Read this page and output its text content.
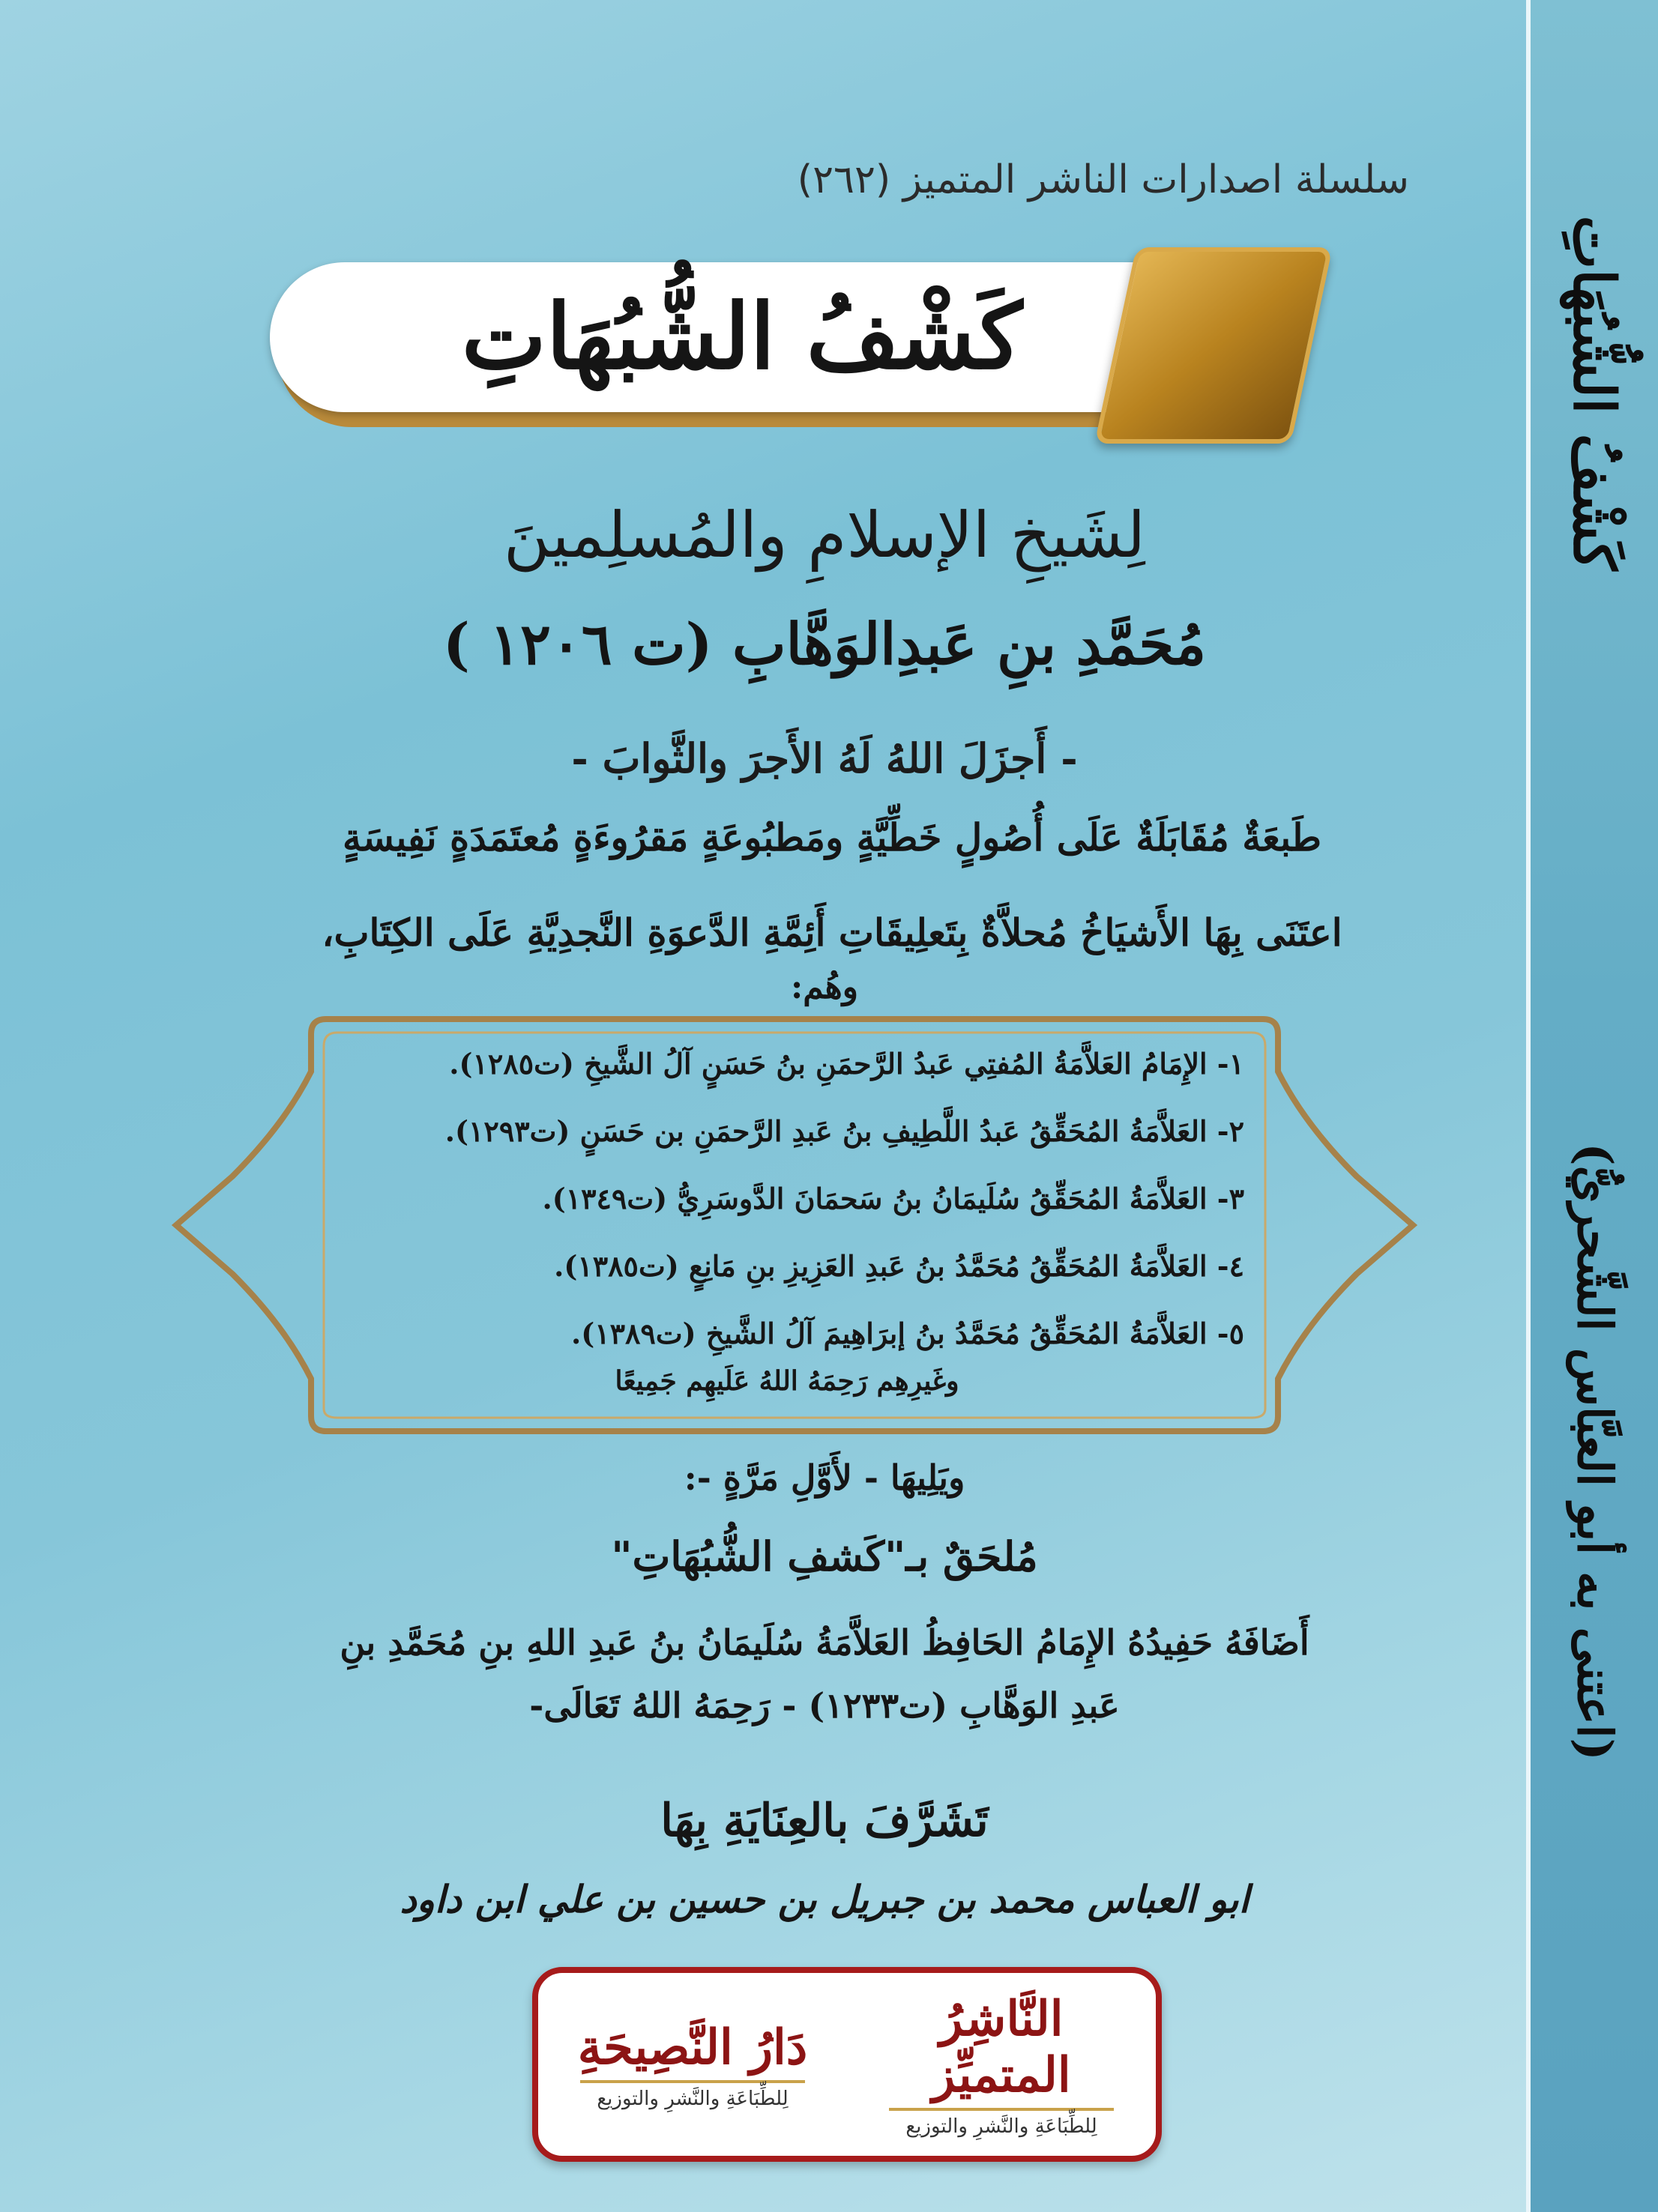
كَشْفُ الشُّبُهَاتِ
(اعتنى به أبو العبَّاس الشَّحريُّ)
سلسلة اصدارات الناشر المتميز (٢٦٢)
كَشْفُ الشُّبُهَاتِ
لِشَيخِ الإسلامِ والمُسلِمينَ
مُحَمَّدِ بنِ عَبدِالوَهَّابِ (ت ١٢٠٦ )
- أَجزَلَ اللهُ لَهُ الأَجرَ والثَّوابَ -
طَبعَةٌ مُقَابَلَةٌ عَلَى أُصُولٍ خَطِّيَّةٍ ومَطبُوعَةٍ مَقرُوءَةٍ مُعتَمَدَةٍ نَفِيسَةٍ
اعتَنَى بِهَا الأَشيَاخُ مُحلاَّةٌ بِتَعلِيقَاتِ أَئِمَّةِ الدَّعوَةِ النَّجدِيَّةِ عَلَى الكِتَابِ،
وهُم:
١- الإِمَامُ العَلاَّمَةُ المُفتِي عَبدُ الرَّحمَنِ بنُ حَسَنٍ آلُ الشَّيخِ (ت١٢٨٥).
٢- العَلاَّمَةُ المُحَقِّقُ عَبدُ اللَّطِيفِ بنُ عَبدِ الرَّحمَنِ بن حَسَنٍ (ت١٢٩٣).
٣- العَلاَّمَةُ المُحَقِّقُ سُلَيمَانُ بنُ سَحمَانَ الدَّوسَرِيُّ (ت١٣٤٩).
٤- العَلاَّمَةُ المُحَقِّقُ مُحَمَّدُ بنُ عَبدِ العَزِيزِ بنِ مَانِعٍ (ت١٣٨٥).
٥- العَلاَّمَةُ المُحَقِّقُ مُحَمَّدُ بنُ إبرَاهِيمَ آلُ الشَّيخِ (ت١٣٨٩).
وغَيرِهِم رَحِمَهُ اللهُ عَلَيهِم جَمِيعًا
ويَلِيهَا - لأَوَّلِ مَرَّةٍ -:
مُلحَقٌ بـ"كَشفِ الشُّبُهَاتِ"
أَضَافَهُ حَفِيدُهُ الإِمَامُ الحَافِظُ العَلاَّمَةُ سُلَيمَانُ بنُ عَبدِ اللهِ بنِ مُحَمَّدِ بنِ
عَبدِ الوَهَّابِ (ت١٢٣٣) - رَحِمَهُ اللهُ تَعَالَى-
تَشَرَّفَ بالعِنَايَةِ بِهَا
ابو العباس محمد بن جبريل بن حسين بن علي ابن داود
النَّاشِرُ المتميِّز
لِلطِّبَاعَةِ والنَّشرِ والتوزيع
دَارُ النَّصِيحَةِ
لِلطِّبَاعَةِ والنَّشرِ والتوزيع
